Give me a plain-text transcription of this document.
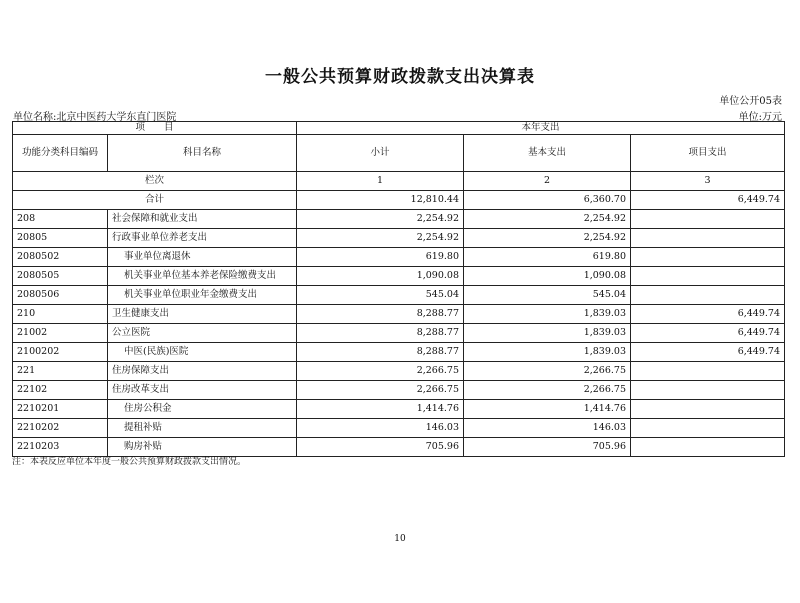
一般公共预算财政拨款支出决算表
单位公开05表
单位名称:北京中医药大学东直门医院	单位:万元
项　　目		本年支出		
功能分类科目编码	科目名称	小计	基本支出	项目支出
栏次		1	2	3
合计		12,810.44	6,360.70	6,449.74
208	社会保障和就业支出	2,254.92	2,254.92	
20805	行政事业单位养老支出	2,254.92	2,254.92	
2080502	事业单位离退休	619.80	619.80	
2080505	机关事业单位基本养老保险缴费支出	1,090.08	1,090.08	
2080506	机关事业单位职业年金缴费支出	545.04	545.04	
210	卫生健康支出	8,288.77	1,839.03	6,449.74
21002	公立医院	8,288.77	1,839.03	6,449.74
2100202	中医(民族)医院	8,288.77	1,839.03	6,449.74
221	住房保障支出	2,266.75	2,266.75	
22102	住房改革支出	2,266.75	2,266.75	
2210201	住房公积金	1,414.76	1,414.76	
2210202	提租补贴	146.03	146.03	
2210203	购房补贴	705.96	705.96	
注：本表反应单位本年度一般公共预算财政拨款支出情况。
10
